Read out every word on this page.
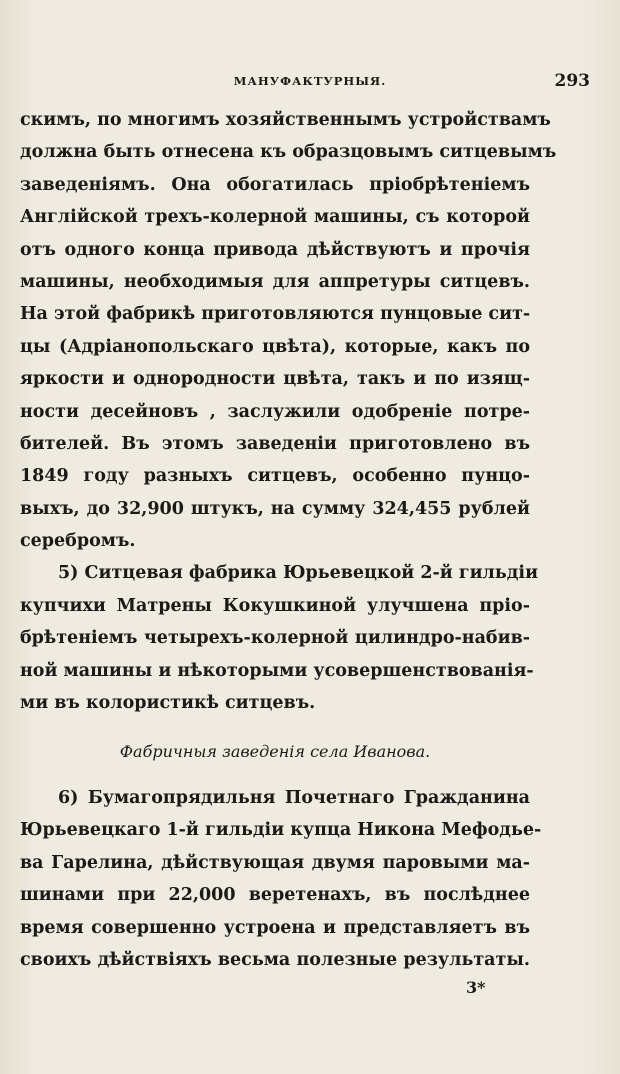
МАНУФАКТУРНЫЯ.	293
скимъ, по многимъ хозяйственнымъ устройствамъ
должна быть отнесена къ образцовымъ ситцевымъ
заведеніямъ. Она обогатилась пріобрѣтеніемъ
Англійской трехъ-колерной машины, съ которой
отъ одного конца привода дѣйствуютъ и прочія
машины, необходимыя для аппретуры ситцевъ.
На этой фабрикѣ приготовляются пунцовые сит-
цы (Адріанопольскаго цвѣта), которые, какъ по
яркости и однородности цвѣтa, такъ и по изящ-
ности десейновъ , заслужили одобреніе потре-
бителей. Въ этомъ заведеніи приготовлено въ
1849 году разныхъ ситцевъ, особенно пунцо-
выхъ, до 32,900 штукъ, на сумму 324,455 рублей
серебромъ.
5) Ситцевая фабрика Юрьевецкой 2-й гильдіи
купчихи Матрены Кокушкиной улучшена пріо-
брѣтеніемъ четырехъ-колерной цилиндро-набив-
ной машины и нѣкоторыми усовершенствованія-
ми въ колористикѣ ситцевъ.
Фабричныя заведенія села Иванова.
6) Бумагопрядильня Почетнаго Гражданина
Юрьевецкаго 1-й гильдіи купца Никона Мефодье-
ва Гарелина, дѣйствующая двумя паровыми ма-
шинами при 22,000 веретенахъ, въ послѣднее
время совершенно устроена и представляетъ въ
своихъ дѣйствіяхъ весьма полезные результаты.
3*
